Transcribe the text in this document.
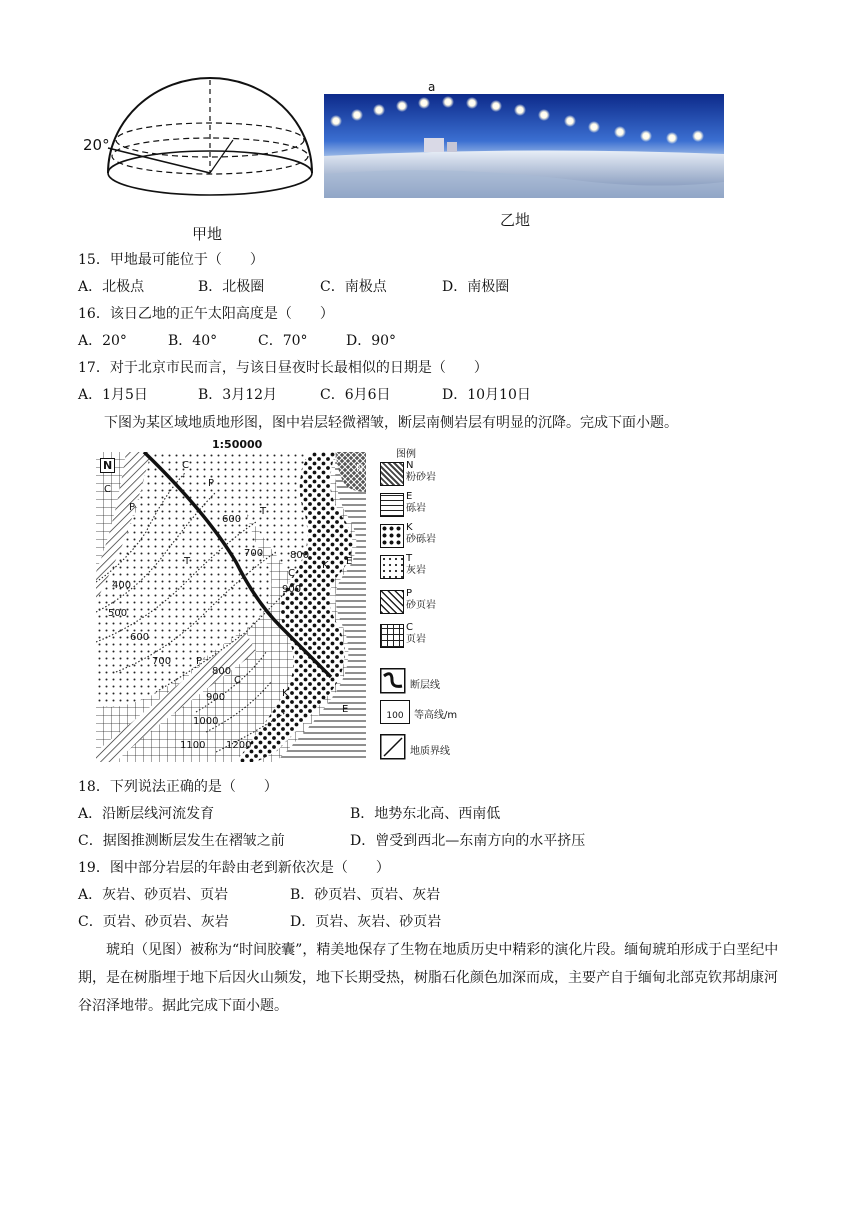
20°
甲地
a
乙地
15．甲地最可能位于（　　）
A．北极点	B．北极圈	C．南极点	D．南极圈
16．该日乙地的正午太阳高度是（　　）
A．20°	B．40°	C．70°	D．90°
17．对于北京市民而言，与该日昼夜时长最相似的日期是（　　）
A．1月5日	B．3月12月	C．6月6日	D．10月10日
下图为某区域地质地形图，图中岩层轻微褶皱，断层南侧岩层有明显的沉降。完成下面小题。
1:50000
N	C
C
P
P	T
T	K
C
E
N
P
C
K
E
400
500
600
600
700
700
800
800
900
900
1000
1100 1200
图例
N
粉砂岩
E
砾岩
K
砂砾岩
T
灰岩
P
砂页岩
C
页岩
断层线
100	等高线/m
地质界线
18．下列说法正确的是（　　）
A．沿断层线河流发育	B．地势东北高、西南低
C．据图推测断层发生在褶皱之前	D．曾受到西北—东南方向的水平挤压
19．图中部分岩层的年龄由老到新依次是（　　）
A．灰岩、砂页岩、页岩	B．砂页岩、页岩、灰岩
C．页岩、砂页岩、灰岩	D．页岩、灰岩、砂页岩
琥珀（见图）被称为“时间胶囊”，精美地保存了生物在地质历史中精彩的演化片段。缅甸琥珀形成于白垩纪中期，是在树脂埋于地下后因火山频发，地下长期受热，树脂石化颜色加深而成，主要产自于缅甸北部克钦邦胡康河谷沼泽地带。据此完成下面小题。
